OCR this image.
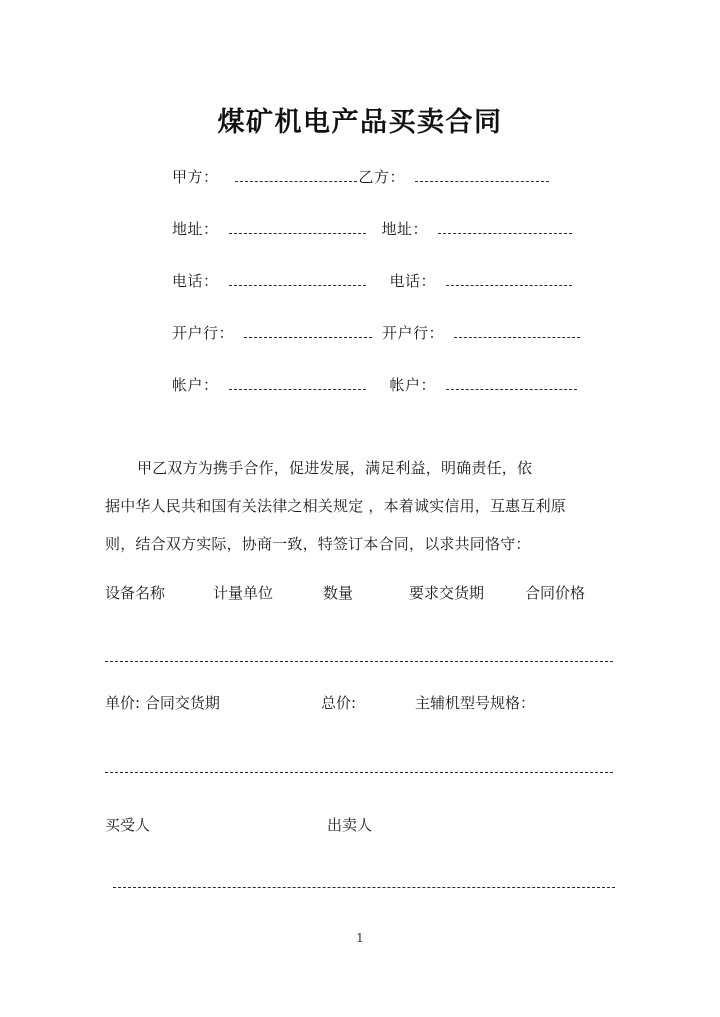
煤矿机电产品买卖合同
甲方：	乙方：
地址：	地址：
电话：	电话：
开户行：	开户行：
帐户：	帐户：
甲乙双方为携手合作，促进发展，满足利益，明确责任，依
据中华人民共和国有关法律之相关规定 ，本着诚实信用，互惠互利原
则，结合双方实际，协商一致，特签订本合同，以求共同恪守：
设备名称	计量单位	数量	要求交货期	合同价格
单价: 合同交货期	总价:	主辅机型号规格：
买受人	出卖人
1
